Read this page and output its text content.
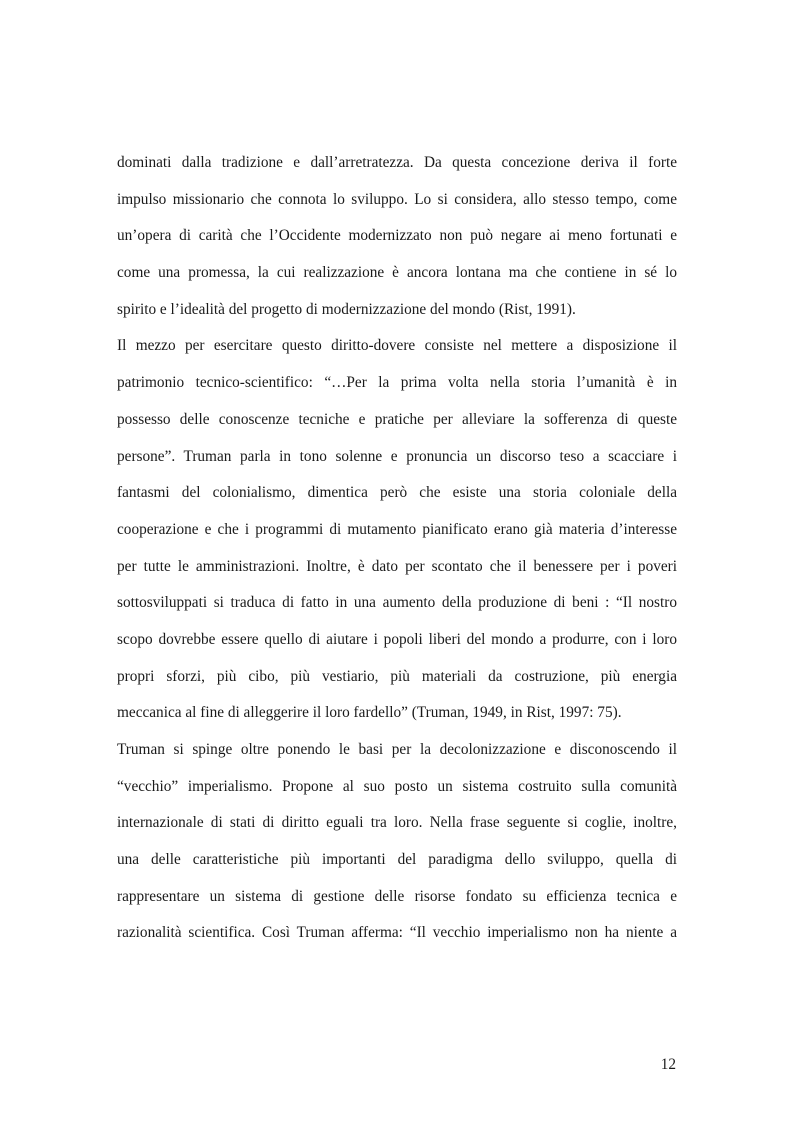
dominati dalla tradizione e dall’arretratezza. Da questa concezione deriva il forte
impulso missionario che connota lo sviluppo. Lo si considera, allo stesso tempo, come
un’opera di carità che l’Occidente modernizzato non può negare ai meno fortunati e
come una promessa, la cui realizzazione è ancora lontana ma che contiene in sé lo
spirito e l’idealità del progetto di modernizzazione del mondo (Rist, 1991).
Il mezzo per esercitare questo diritto-dovere consiste nel mettere a disposizione il
patrimonio tecnico-scientifico: “…Per la prima volta nella storia l’umanità è in
possesso delle conoscenze tecniche e pratiche per alleviare la sofferenza di queste
persone”. Truman parla in tono solenne e pronuncia un discorso teso a scacciare i
fantasmi del colonialismo, dimentica però che esiste una storia coloniale della
cooperazione e che i programmi di mutamento pianificato erano già materia d’interesse
per tutte le amministrazioni. Inoltre, è dato per scontato che il benessere per i poveri
sottosviluppati si traduca di fatto in una aumento della produzione di beni : “Il nostro
scopo dovrebbe essere quello di aiutare i popoli liberi del mondo a produrre, con i loro
propri sforzi, più cibo, più vestiario, più materiali da costruzione, più energia
meccanica al fine di alleggerire il loro fardello” (Truman, 1949, in Rist, 1997: 75).
Truman si spinge oltre ponendo le basi per la decolonizzazione e disconoscendo il
“vecchio” imperialismo. Propone al suo posto un sistema costruito sulla comunità
internazionale di stati di diritto eguali tra loro. Nella frase seguente si coglie, inoltre,
una delle caratteristiche più importanti del paradigma dello sviluppo, quella di
rappresentare un sistema di gestione delle risorse fondato su efficienza tecnica e
razionalità scientifica. Così Truman afferma: “Il vecchio imperialismo non ha niente a
12
